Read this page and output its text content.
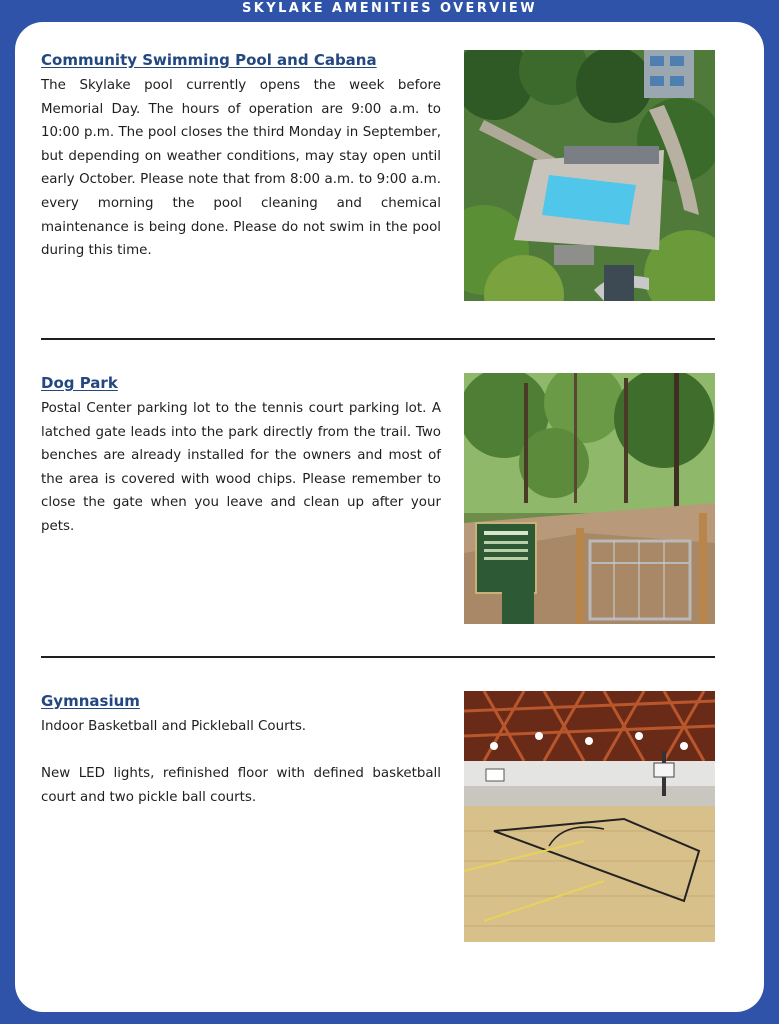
SKYLAKE AMENITIES OVERVIEW
Community Swimming Pool and Cabana

The Skylake pool currently opens the week before Memorial Day. The hours of operation are 9:00 a.m. to 10:00 p.m. The pool closes the third Monday in September, but depending on weather conditions, may stay open until early October. Please note that from 8:00 a.m. to 9:00 a.m. every morning the pool cleaning and chemical maintenance is being done. Please do not swim in the pool during this time.

Dog Park

Postal Center parking lot to the tennis court parking lot. A latched gate leads into the park directly from the trail. Two benches are already installed for the owners and most of the area is covered with wood chips. Please remember to close the gate when you leave and clean up after your pets.

Gymnasium

Indoor Basketball and Pickleball Courts.

New LED lights, refinished floor with defined basketball court and two pickle ball courts.
